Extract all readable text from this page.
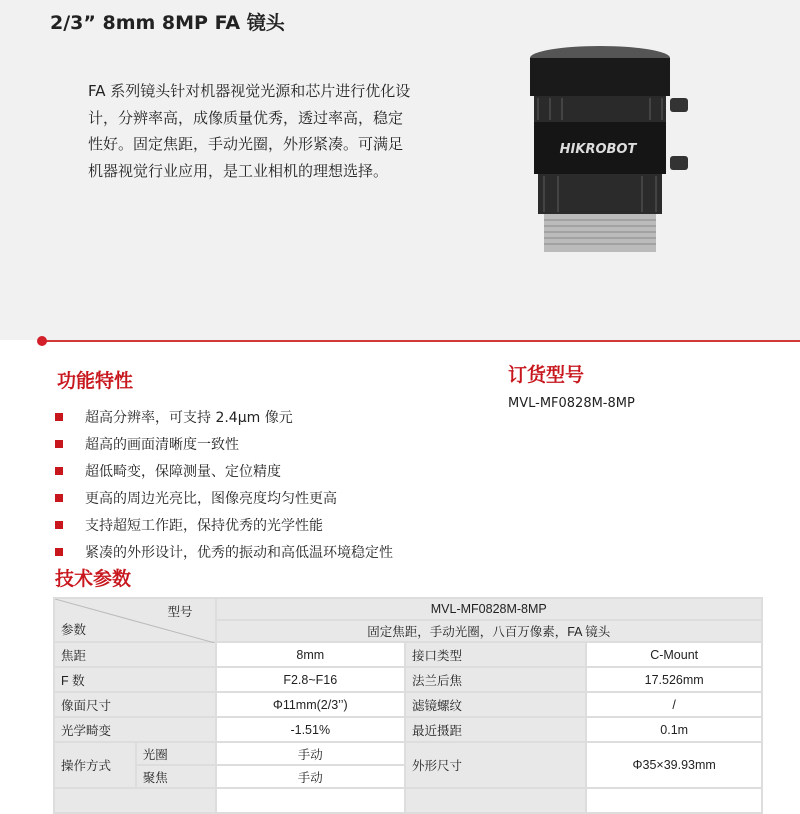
2/3” 8mm 8MP FA 镜头
FA 系列镜头针对机器视觉光源和芯片进行优化设计，分辨率高，成像质量优秀，透过率高，稳定性好。固定焦距，手动光圈，外形紧凑。可满足机器视觉行业应用，是工业相机的理想选择。
HIKROBOT
功能特性
超高分辨率，可支持 2.4μm 像元
超高的画面清晰度一致性
超低畸变，保障测量、定位精度
更高的周边光亮比，图像亮度均匀性更高
支持超短工作距，保持优秀的光学性能
紧凑的外形设计，优秀的振动和高低温环境稳定性
订货型号
MVL-MF0828M-8MP
技术参数
型号
参数		MVL-MF0828M-8MP		
		固定焦距，手动光圈，八百万像素，FA 镜头		
焦距		8mm	接口类型	C-Mount
F 数		F2.8~F16	法兰后焦	17.526mm
像面尺寸		Φ11mm(2/3’’)	滤镜螺纹	/
光学畸变		-1.51%	最近摄距	0.1m
操作方式	光圈	手动	外形尺寸	Φ35×39.93mm
	聚焦	手动		
